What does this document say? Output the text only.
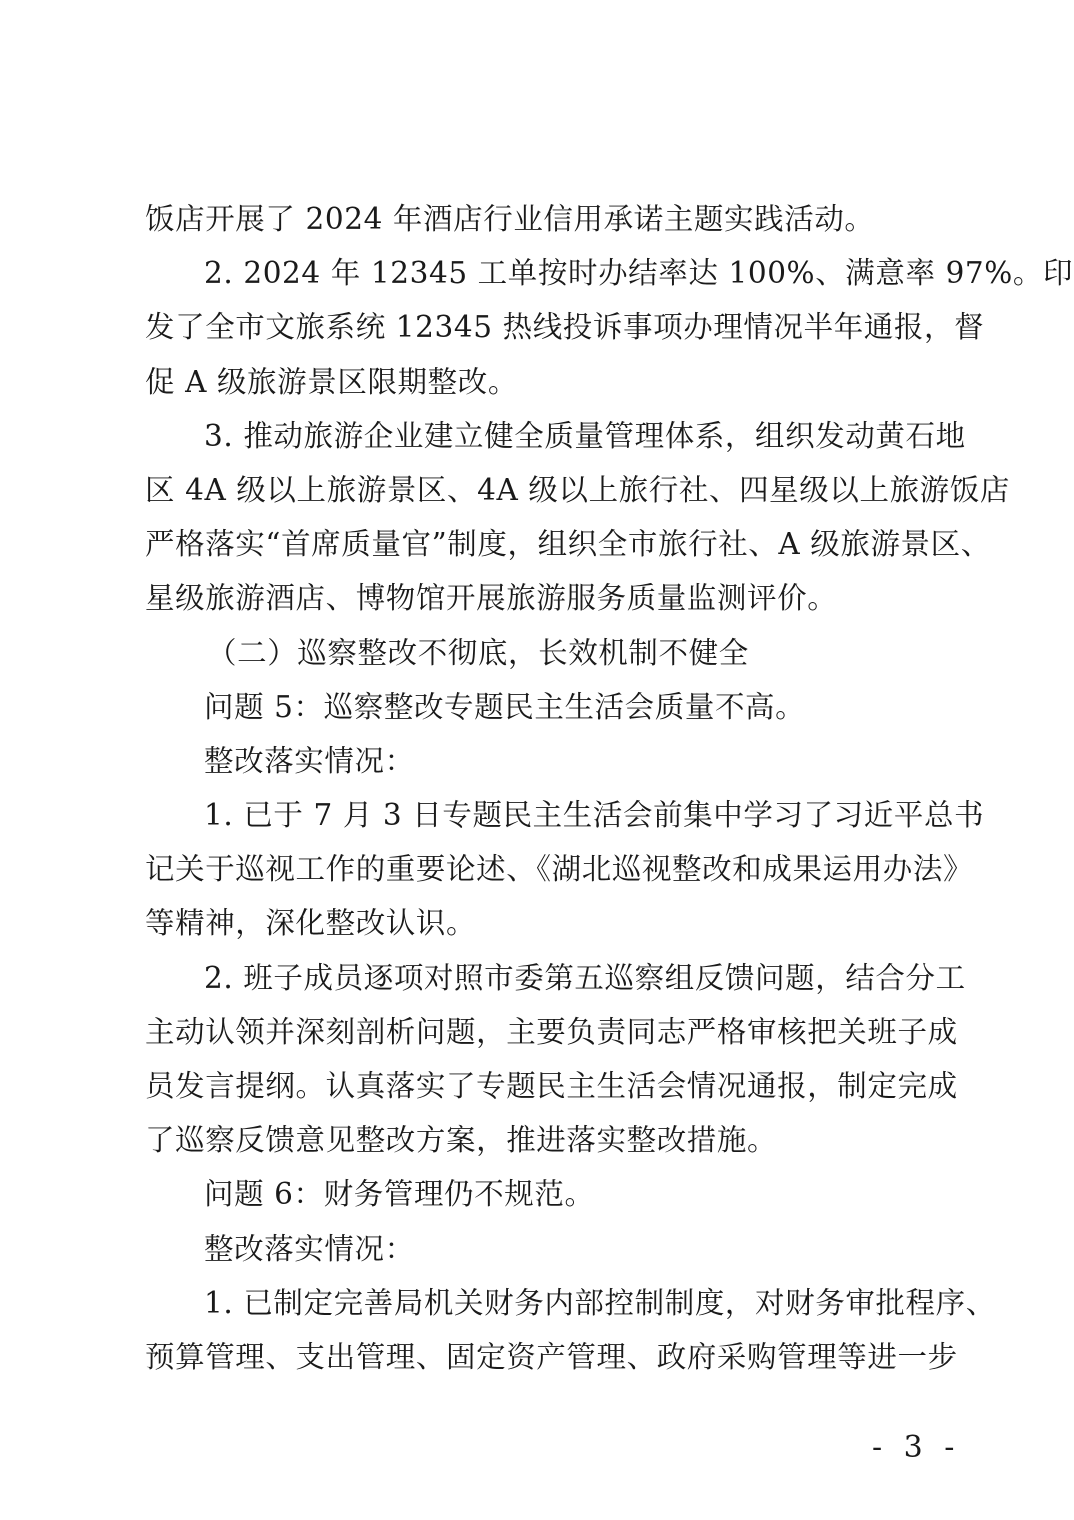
饭店开展了 2024 年酒店行业信用承诺主题实践活动。
2. 2024 年 12345 工单按时办结率达 100%、满意率 97%。印
发了全市文旅系统 12345 热线投诉事项办理情况半年通报，督
促 A 级旅游景区限期整改。
3. 推动旅游企业建立健全质量管理体系，组织发动黄石地
区 4A 级以上旅游景区、4A 级以上旅行社、四星级以上旅游饭店
严格落实“首席质量官”制度，组织全市旅行社、A 级旅游景区、
星级旅游酒店、博物馆开展旅游服务质量监测评价。
（二）巡察整改不彻底，长效机制不健全
问题 5：巡察整改专题民主生活会质量不高。
整改落实情况：
1. 已于 7 月 3 日专题民主生活会前集中学习了习近平总书
记关于巡视工作的重要论述、《湖北巡视整改和成果运用办法》
等精神，深化整改认识。
2. 班子成员逐项对照市委第五巡察组反馈问题，结合分工
主动认领并深刻剖析问题，主要负责同志严格审核把关班子成
员发言提纲。认真落实了专题民主生活会情况通报，制定完成
了巡察反馈意见整改方案，推进落实整改措施。
问题 6：财务管理仍不规范。
整改落实情况：
1. 已制定完善局机关财务内部控制制度，对财务审批程序、
预算管理、支出管理、固定资产管理、政府采购管理等进一步
- 3 -
